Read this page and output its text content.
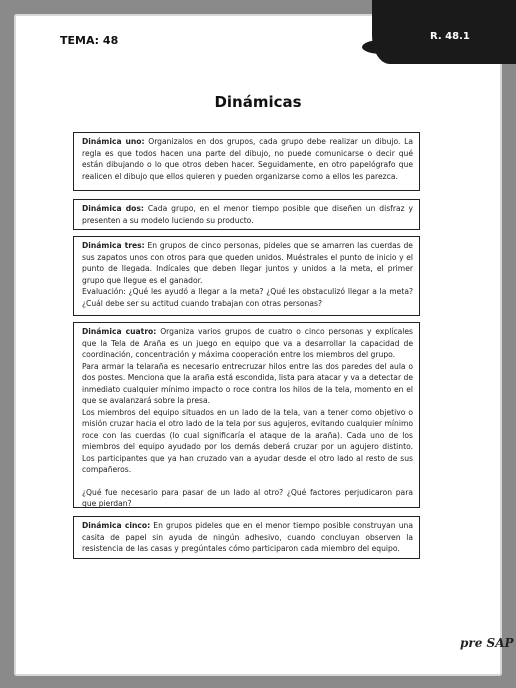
TEMA: 48	R. 48.1
Dinámicas

Dinámica uno: Organizalos en dos grupos, cada grupo debe realizar un dibujo. La regla es que todos hacen una parte del dibujo, no puede comunicarse o decir qué están dibujando o lo que otros deben hacer. Seguidamente, en otro papelógrafo que realicen el dibujo que ellos quieren y pueden organizarse como a ellos les parezca.

Dinámica dos: Cada grupo, en el menor tiempo posible que diseñen un disfraz y presenten a su modelo luciendo su producto.

Dinámica tres: En grupos de cinco personas, pideles que se amarren las cuerdas de sus zapatos unos con otros para que queden unidos. Muéstrales el punto de inicio y el punto de llegada. Indícales que deben llegar juntos y unidos a la meta, el primer grupo que llegue es el ganador.

Evaluación: ¿Qué les ayudó a llegar a la meta? ¿Qué les obstaculizó llegar a la meta? ¿Cuál debe ser su actitud cuando trabajan con otras personas?

Dinámica cuatro: Organiza varios grupos de cuatro o cinco personas y explícales que la Tela de Araña es un juego en equipo que va a desarrollar la capacidad de coordinación, concentración y máxima cooperación entre los miembros del grupo.

Para armar la telaraña es necesario entrecruzar hilos entre las dos paredes del aula o dos postes. Menciona que la araña está escondida, lista para atacar y va a detectar de inmediato cualquier mínimo impacto o roce contra los hilos de la tela, momento en el que se avalanzará sobre la presa.

Los miembros del equipo situados en un lado de la tela, van a tener como objetivo o misión cruzar hacia el otro lado de la tela por sus agujeros, evitando cualquier mínimo roce con las cuerdas (lo cual significaría el ataque de la araña). Cada uno de los miembros del equipo ayudado por los demás deberá cruzar por un agujero distinto. Los participantes que ya han cruzado van a ayudar desde el otro lado al resto de sus compañeros.

¿Qué fue necesario para pasar de un lado al otro? ¿Qué factores perjudicaron para que pierdan?

Dinámica cinco: En grupos pideles que en el menor tiempo posible construyan una casita de papel sin ayuda de ningún adhesivo, cuando concluyan observen la resistencia de las casas y pregúntales cómo participaron cada miembro del equipo.

pre SAP
